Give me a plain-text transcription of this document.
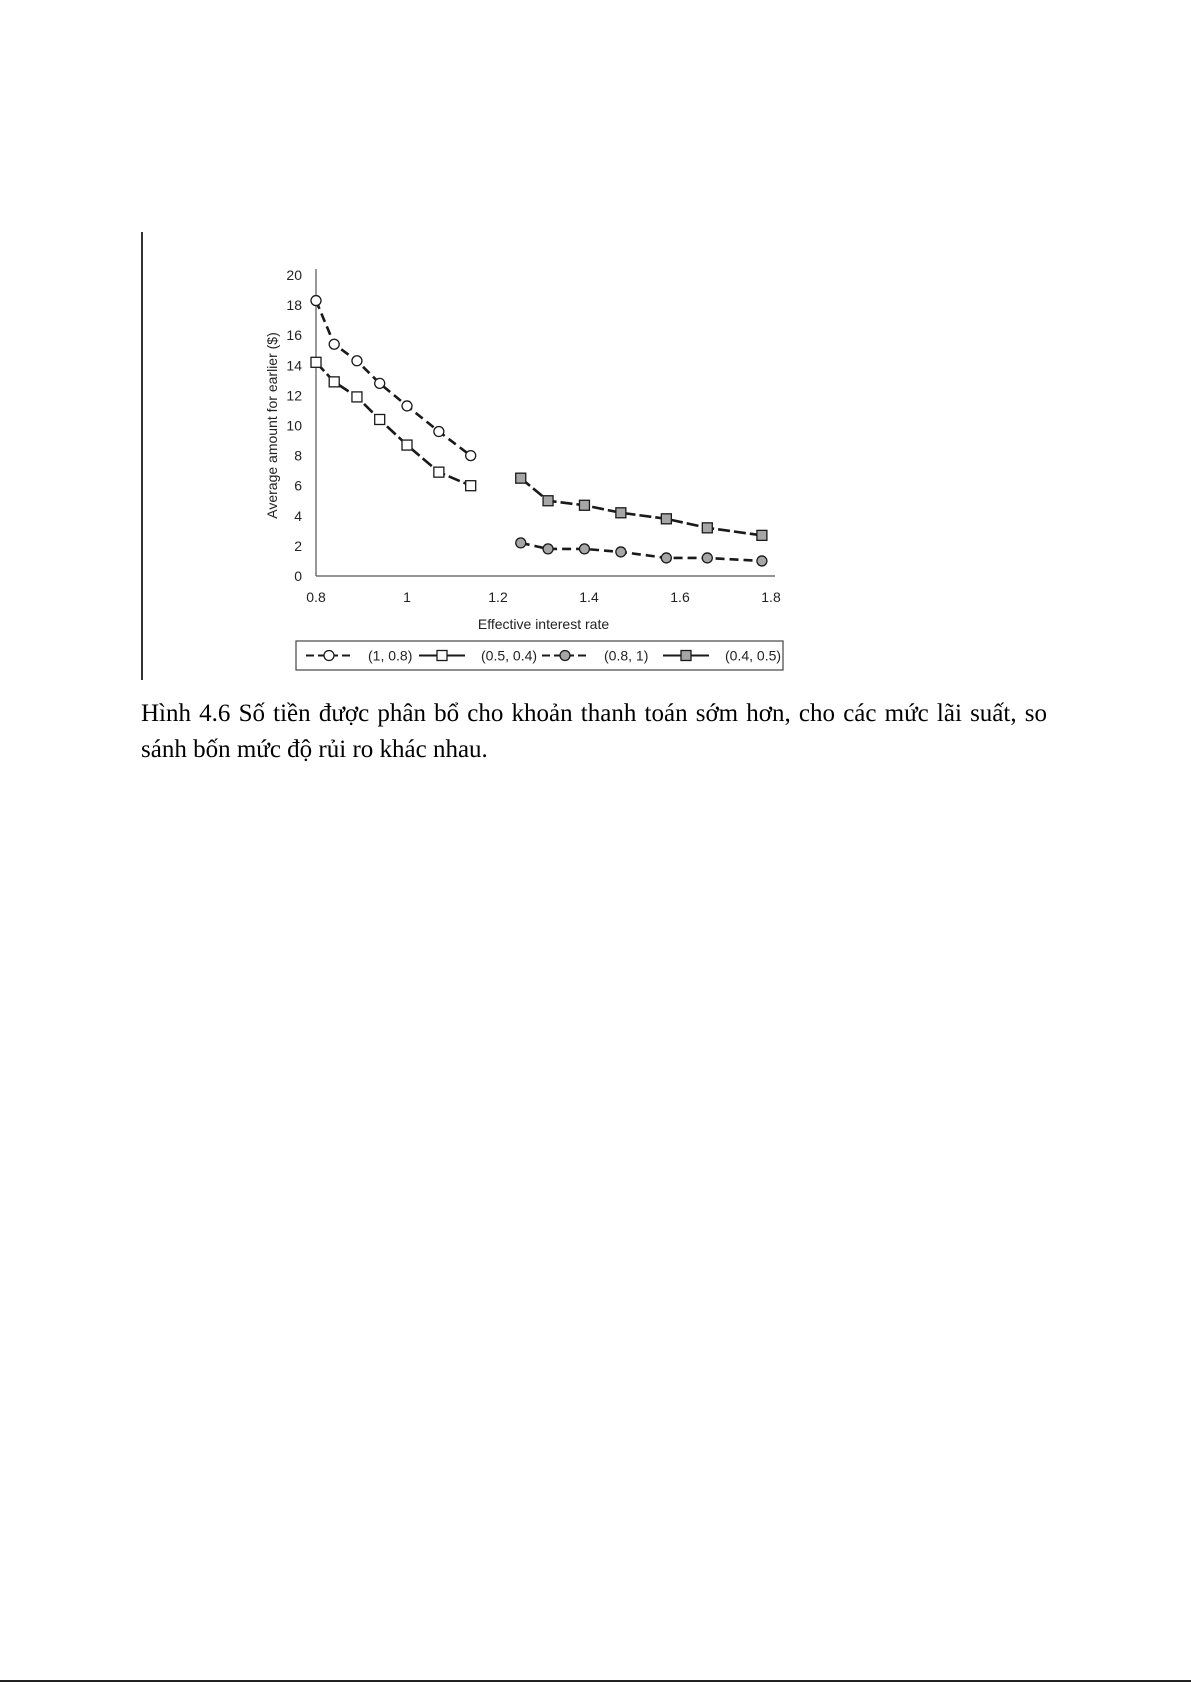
0
2
4
6
8
10
12
14
16
18
20
0.8	1	1.2	1.4	1.6	1.8
Effective interest rate
Average amount for earlier ($)
(1, 0.8)	(0.5, 0.4)	(0.8, 1)	(0.4, 0.5)
Hình 4.6 Số tiền được phân bổ cho khoản thanh toán sớm hơn, cho các mức lãi suất, so sánh bốn mức độ rủi ro khác nhau.
